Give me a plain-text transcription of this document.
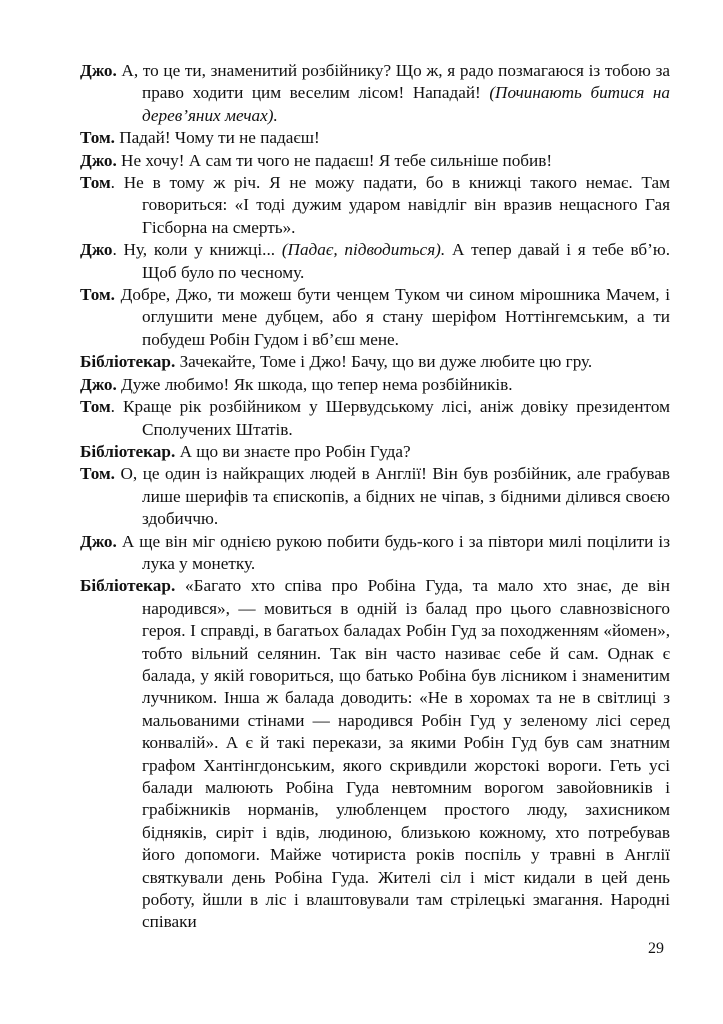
Джо. А, то це ти, знаменитий розбійнику? Що ж, я радо позмагаюся із тобою за право ходити цим веселим лісом! Нападай! (Починають битися на дерев’яних мечах).

Том. Падай! Чому ти не падаєш!

Джо. Не хочу! А сам ти чого не падаєш! Я тебе сильніше побив!

Том. Не в тому ж річ. Я не можу падати, бо в книжці такого немає. Там говориться: «І тоді дужим ударом навідліг він вразив нещасного Гая Гісборна на смерть».

Джо. Ну, коли у книжці... (Падає, підводиться). А тепер давай і я тебе вб’ю. Щоб було по чесному.

Том. Добре, Джо, ти можеш бути ченцем Туком чи сином мірошника Мачем, і оглушити мене дубцем, або я стану шеріфом Ноттінгемським, а ти побудеш Робін Гудом і вб’єш мене.

Бібліотекар. Зачекайте, Томе і Джо! Бачу, що ви дуже любите цю гру.

Джо. Дуже любимо! Як шкода, що тепер нема розбійників.

Том. Краще рік розбійником у Шервудському лісі, аніж довіку президентом Сполучених Штатів.

Бібліотекар. А що ви знаєте про Робін Гуда?

Том. О, це один із найкращих людей в Англії! Він був розбійник, але грабував лише шерифів та єпископів, а бідних не чіпав, з бідними ділився своєю здобиччю.

Джо. А ще він міг однією рукою побити будь-кого і за півтори милі поцілити із лука у монетку.

Бібліотекар. «Багато хто співа про Робіна Гуда, та мало хто знає, де він народився», — мовиться в одній із балад про цього славнозвісного героя. І справді, в багатьох баладах Робін Гуд за походженням «йомен», тобто вільний селянин. Так він часто називає себе й сам. Однак є балада, у якій говориться, що батько Робіна був лісником і знаменитим лучником. Інша ж балада доводить: «Не в хоромах та не в світлиці з мальованими стінами — народився Робін Гуд у зеленому лісі серед конвалій». А є й такі перекази, за якими Робін Гуд був сам знатним графом Хантінгдонським, якого скривдили жорстокі вороги. Геть усі балади малюють Робіна Гуда невтомним ворогом завойовників і грабіжників норманів, улюбленцем простого люду, захисником бідняків, сиріт і вдів, людиною, близькою кожному, хто потребував його допомоги. Майже чотириста років поспіль у травні в Англії святкували день Робіна Гуда. Жителі сіл і міст кидали в цей день роботу, йшли в ліс і влаштовували там стрілецькі змагання. Народні співаки

29
